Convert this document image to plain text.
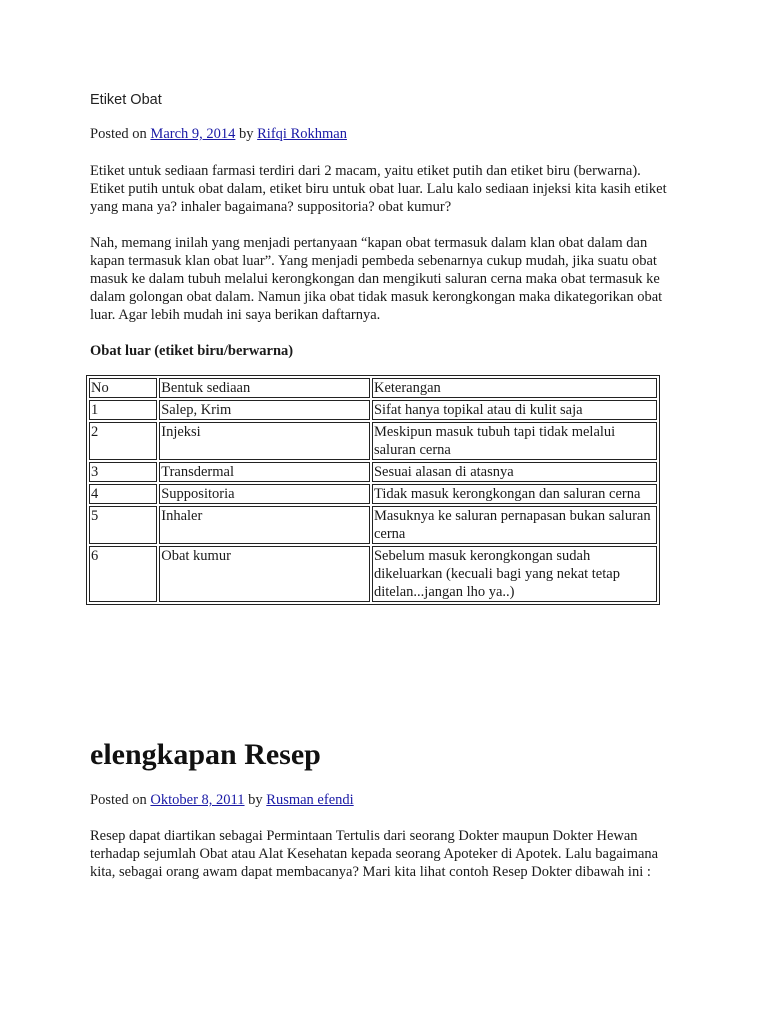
Etiket Obat
Posted on March 9, 2014 by Rifqi Rokhman

Etiket untuk sediaan farmasi terdiri dari 2 macam, yaitu etiket putih dan etiket biru (berwarna). Etiket putih untuk obat dalam, etiket biru untuk obat luar. Lalu kalo sediaan injeksi kita kasih etiket yang mana ya? inhaler bagaimana? suppositoria? obat kumur?

Nah, memang inilah yang menjadi pertanyaan “kapan obat termasuk dalam klan obat dalam dan kapan termasuk klan obat luar”. Yang menjadi pembeda sebenarnya cukup mudah, jika suatu obat masuk ke dalam tubuh melalui kerongkongan dan mengikuti saluran cerna maka obat termasuk ke dalam golongan obat dalam. Namun jika obat tidak masuk kerongkongan maka dikategorikan obat luar. Agar lebih mudah ini saya berikan daftarnya.

Obat luar (etiket biru/berwarna)
No	Bentuk sediaan	Keterangan
1	Salep, Krim	Sifat hanya topikal atau di kulit saja
2	Injeksi	Meskipun masuk tubuh tapi tidak melalui saluran cerna
3	Transdermal	Sesuai alasan di atasnya
4	Suppositoria	Tidak masuk kerongkongan dan saluran cerna
5	Inhaler	Masuknya ke saluran pernapasan bukan saluran cerna
6	Obat kumur	Sebelum masuk kerongkongan sudah dikeluarkan (kecuali bagi yang nekat tetap ditelan...jangan lho ya..)
elengkapan Resep
Posted on Oktober 8, 2011 by Rusman efendi

Resep dapat diartikan sebagai Permintaan Tertulis dari seorang Dokter maupun Dokter Hewan terhadap sejumlah Obat atau Alat Kesehatan kepada seorang Apoteker di Apotek. Lalu bagaimana kita, sebagai orang awam dapat membacanya? Mari kita lihat contoh Resep Dokter dibawah ini :
